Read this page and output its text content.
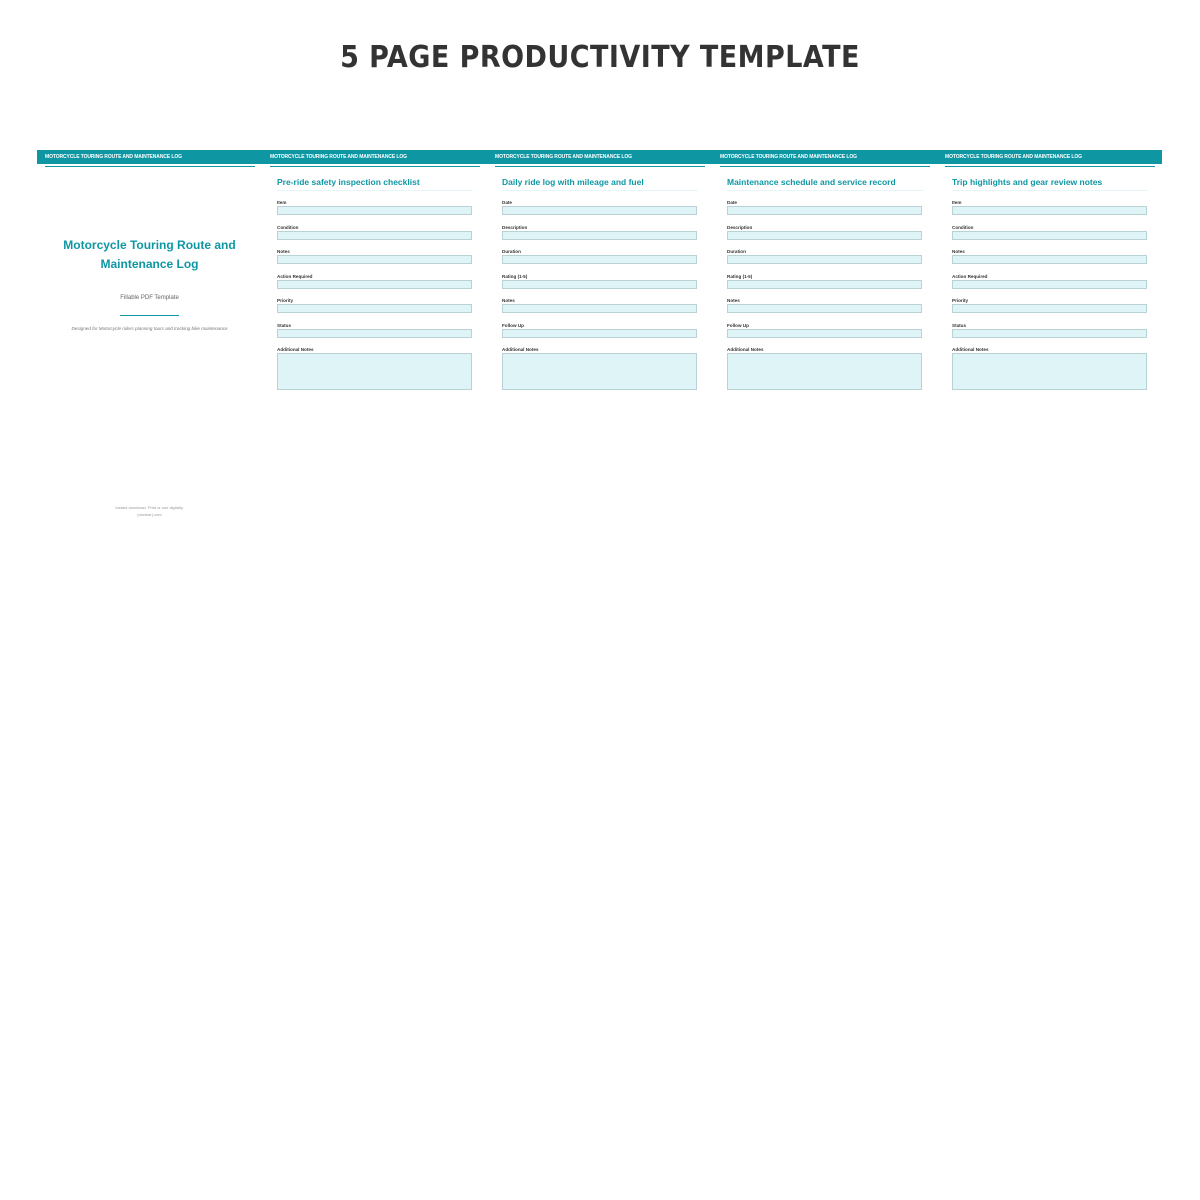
5 PAGE PRODUCTIVITY TEMPLATE
MOTORCYCLE TOURING ROUTE AND MAINTENANCE LOG
Motorcycle Touring Route and
Maintenance Log
Fillable PDF Template
Designed for Motorcycle riders planning tours and tracking bike maintenance
Instant download. Print or use digitally.
(unclear).com
MOTORCYCLE TOURING ROUTE AND MAINTENANCE LOG
Pre-ride safety inspection checklist
Item
Condition
Notes
Action Required
Priority
Status
Additional Notes
MOTORCYCLE TOURING ROUTE AND MAINTENANCE LOG
Daily ride log with mileage and fuel
Date
Description
Duration
Rating (1-5)
Notes
Follow Up
Additional Notes
MOTORCYCLE TOURING ROUTE AND MAINTENANCE LOG
Maintenance schedule and service record
Date
Description
Duration
Rating (1-5)
Notes
Follow Up
Additional Notes
MOTORCYCLE TOURING ROUTE AND MAINTENANCE LOG
Trip highlights and gear review notes
Item
Condition
Notes
Action Required
Priority
Status
Additional Notes
